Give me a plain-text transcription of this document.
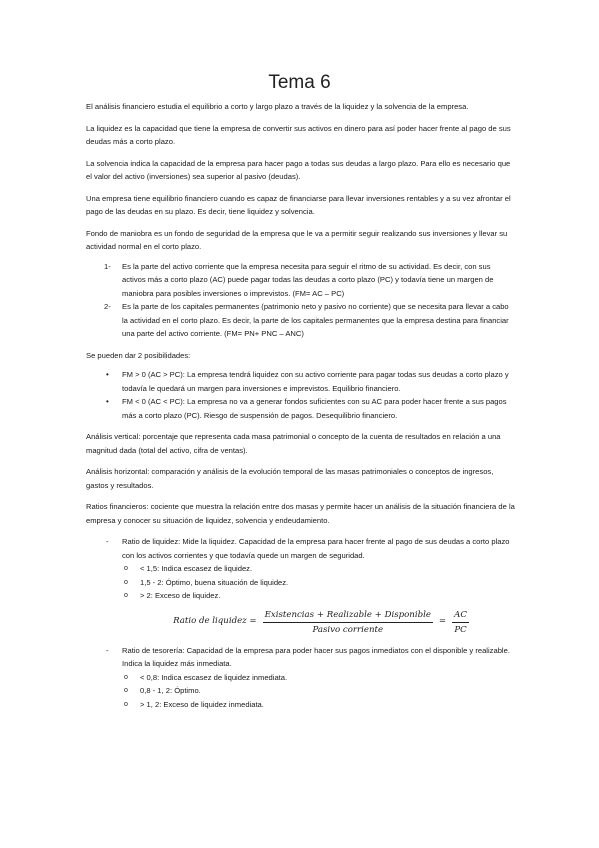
Tema 6

El análisis financiero estudia el equilibrio a corto y largo plazo a través de la liquidez y la solvencia de la empresa.

La liquidez es la capacidad que tiene la empresa de convertir sus activos en dinero para así poder hacer frente al pago de sus deudas más a corto plazo.

La solvencia indica la capacidad de la empresa para hacer pago a todas sus deudas a largo plazo. Para ello es necesario que el valor del activo (inversiones) sea superior al pasivo (deudas).

Una empresa tiene equilibrio financiero cuando es capaz de financiarse para llevar inversiones rentables y a su vez afrontar el pago de las deudas en su plazo. Es decir, tiene liquidez y solvencia.

Fondo de maniobra es un fondo de seguridad de la empresa que le va a permitir seguir realizando sus inversiones y llevar su actividad normal en el corto plazo.

1- Es la parte del activo corriente que la empresa necesita para seguir el ritmo de su actividad. Es decir, con sus activos más a corto plazo (AC) puede pagar todas las deudas a corto plazo (PC) y todavía tiene un margen de maniobra para posibles inversiones o imprevistos. (FM= AC – PC)
2- Es la parte de los capitales permanentes (patrimonio neto y pasivo no corriente) que se necesita para llevar a cabo la actividad en el corto plazo. Es decir, la parte de los capitales permanentes que la empresa destina para financiar una parte del activo corriente. (FM= PN+ PNC – ANC)

Se pueden dar 2 posibilidades:

• FM > 0 (AC > PC): La empresa tendrá liquidez con su activo corriente para pagar todas sus deudas a corto plazo y todavía le quedará un margen para inversiones e imprevistos. Equilibrio financiero.
• FM < 0 (AC < PC): La empresa no va a generar fondos suficientes con su AC para poder hacer frente a sus pagos más a corto plazo (PC). Riesgo de suspensión de pagos. Desequilibrio financiero.

Análisis vertical: porcentaje que representa cada masa patrimonial o concepto de la cuenta de resultados en relación a una magnitud dada (total del activo, cifra de ventas).

Análisis horizontal: comparación y análisis de la evolución temporal de las masas patrimoniales o conceptos de ingresos, gastos y resultados.

Ratios financieros: cociente que muestra la relación entre dos masas y permite hacer un análisis de la situación financiera de la empresa y conocer su situación de liquidez, solvencia y endeudamiento.

- Ratio de liquidez: Mide la liquidez. Capacidad de la empresa para hacer frente al pago de sus deudas a corto plazo con los activos corrientes y que todavía quede un margen de seguridad.
o < 1,5: Indica escasez de liquidez.
o 1,5 - 2: Óptimo, buena situación de liquidez.
o > 2: Exceso de liquidez.
Ratio de liquidez = $\frac{\text{Existencias + Realizable + Disponible}}{\text{Pasivo corriente}} = \frac{AC}{PC}$
- Ratio de tesorería: Capacidad de la empresa para poder hacer sus pagos inmediatos con el disponible y realizable. Indica la liquidez más inmediata.
o < 0,8: Indica escasez de liquidez inmediata.
o 0,8 - 1, 2: Óptimo.
o > 1, 2: Exceso de liquidez inmediata.
